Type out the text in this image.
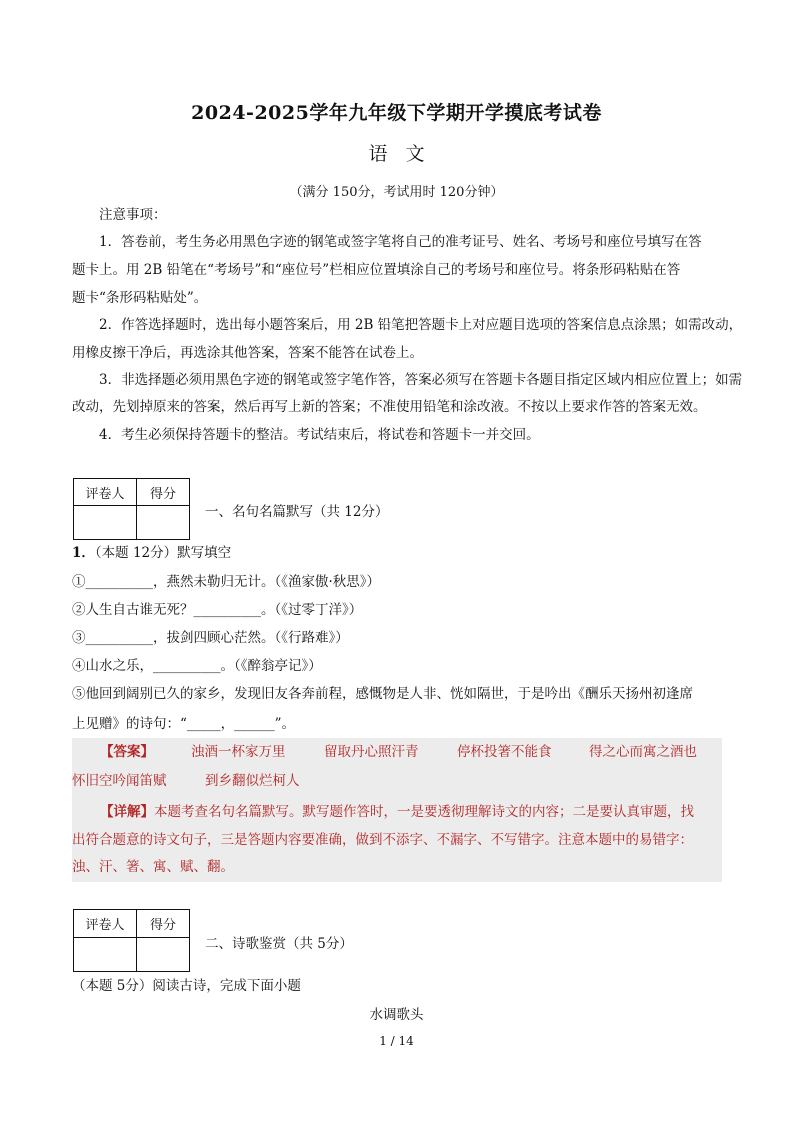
2024-2025学年九年级下学期开学摸底考试卷
语文
（满分 150分，考试用时 120分钟）
注意事项：
1．答卷前，考生务必用黑色字迹的钢笔或签字笔将自己的准考证号、姓名、考场号和座位号填写在答
题卡上。用 2B 铅笔在“考场号”和“座位号”栏相应位置填涂自己的考场号和座位号。将条形码粘贴在答
题卡“条形码粘贴处”。
2．作答选择题时，选出每小题答案后，用 2B 铅笔把答题卡上对应题目选项的答案信息点涂黑；如需改动，
用橡皮擦干净后，再选涂其他答案，答案不能答在试卷上。
3．非选择题必须用黑色字迹的钢笔或签字笔作答，答案必须写在答题卡各题目指定区域内相应位置上；如需
改动，先划掉原来的答案，然后再写上新的答案；不准使用铅笔和涂改液。不按以上要求作答的答案无效。
4．考生必须保持答题卡的整洁。考试结束后，将试卷和答题卡一并交回。
评卷人	得分

一、名句名篇默写（共 12分）
1．（本题 12分）默写填空
①__________，燕然未勒归无计。（《渔家傲·秋思》）
②人生自古谁无死？__________。（《过零丁洋》）
③__________，拔剑四顾心茫然。（《行路难》）
④山水之乐，__________。（《醉翁亭记》）
⑤他回到阔别已久的家乡，发现旧友各奔前程，感慨物是人非、恍如隔世，于是吟出《酬乐天扬州初逢席
上见赠》的诗句：“_____，______”。
【答案】	浊酒一杯家万里	留取丹心照汗青	停杯投箸不能食	得之心而寓之酒也
怀旧空吟闻笛赋	到乡翻似烂柯人
【详解】本题考查名句名篇默写。默写题作答时，一是要透彻理解诗文的内容；二是要认真审题，找
出符合题意的诗文句子，三是答题内容要准确，做到不添字、不漏字、不写错字。注意本题中的易错字：
浊、汗、箸、寓、赋、翻。
评卷人	得分

二、诗歌鉴赏（共 5分）
（本题 5分）阅读古诗，完成下面小题
水调歌头
1 / 14
